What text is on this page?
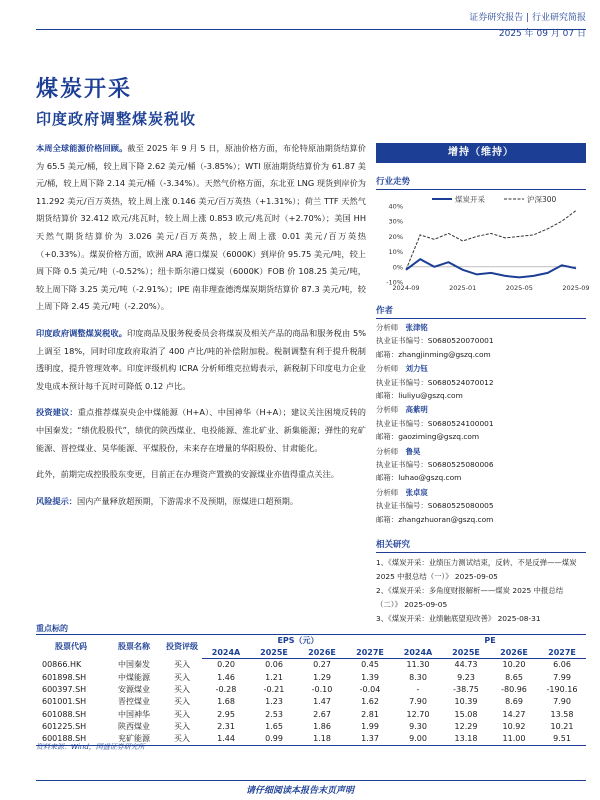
证券研究报告 | 行业研究简报
2025 年 09 月 07 日
煤炭开采
印度政府调整煤炭税收

本周全球能源价格回顾。截至 2025 年 9 月 5 日，原油价格方面，布伦特原油期货结算价为 65.5 美元/桶，较上周下降 2.62 美元/桶（-3.85%）；WTI 原油期货结算价为 61.87 美元/桶，较上周下降 2.14 美元/桶（-3.34%）。天然气价格方面，东北亚 LNG 现货到岸价为 11.292 美元/百万英热，较上周上涨 0.146 美元/百万英热（+1.31%）；荷兰 TTF 天然气期货结算价 32.412 欧元/兆瓦时，较上周上涨 0.853 欧元/兆瓦时（+2.70%）；美国 HH 天然气期货结算价为 3.026 美元/百万英热，较上周上涨 0.01 美元/百万英热（+0.33%）。煤炭价格方面，欧洲 ARA 港口煤炭（6000K）到岸价 95.75 美元/吨，较上周下降 0.5 美元/吨（-0.52%）；纽卡斯尔港口煤炭（6000K）FOB 价 108.25 美元/吨，较上周下降 3.25 美元/吨（-2.91%）；IPE 南非理查德湾煤炭期货结算价 87.3 美元/吨，较上周下降 2.45 美元/吨（-2.20%）。

印度政府调整煤炭税收。印度商品及服务税委员会将煤炭及相关产品的商品和服务税由 5%上调至 18%，同时印度政府取消了 400 卢比/吨的补偿附加税。税制调整有利于提升税制透明度，提升管理效率。印度评级机构 ICRA 分析师维克拉姆表示，新税制下印度电力企业发电成本预计每千瓦时可降低 0.12 卢比。

投资建议：重点推荐煤炭央企中煤能源（H+A）、中国神华（H+A）；建议关注困境反转的中国秦发；“绩优股股代”，绩优的陕西煤业、电投能源、淮北矿业、新集能源；弹性的兖矿能源、晋控煤业、昊华能源、平煤股份，未来存在增量的华阳股份、甘肃能化。

此外，前期完成控股股东变更，目前正在办理资产置换的安源煤业亦值得重点关注。

风险提示：国内产量释放超预期，下游需求不及预期，原煤进口超预期。

增持（维持）
行业走势
40%
30%
20%
10%
0%
-10%
2024-09	2025-01	2025-05	2025-09
煤炭开采	沪深300
作者
分析师　 张津铭
执业证书编号：S0680520070001
邮箱：zhangjinming@gszq.com
分析师　 刘力钰
执业证书编号：S0680524070012
邮箱：liuliyu@gszq.com
分析师　 高紫明
执业证书编号：S0680524100001
邮箱：gaoziming@gszq.com
分析师　 鲁昊
执业证书编号：S0680525080006
邮箱：luhao@gszq.com
分析师　 张卓宸
执业证书编号：S0680525080005
邮箱：zhangzhuoran@gszq.com
相关研究
1、《煤炭开采：业绩压力测试结束，反转、不是反弹——煤炭 2025 中报总结（一）》 2025-09-05
2、《煤炭开采：多角度财报解析——煤炭 2025 中报总结（二）》 2025-09-05
3、《煤炭开采：业绩触底望迎改善》 2025-08-31
重点标的
股票代码	股票名称	投资评级	EPS（元）				PE			
			2024A	2025E	2026E	2027E	2024A	2025E	2026E	2027E
00866.HK	中国秦发	买入	0.20	0.06	0.27	0.45	11.30	44.73	10.20	6.06
601898.SH	中煤能源	买入	1.46	1.21	1.29	1.39	8.30	9.23	8.65	7.99
600397.SH	安源煤业	买入	-0.28	-0.21	-0.10	-0.04	-	-38.75	-80.96	-190.16
601001.SH	晋控煤业	买入	1.68	1.23	1.47	1.62	7.90	10.39	8.69	7.90
601088.SH	中国神华	买入	2.95	2.53	2.67	2.81	12.70	15.08	14.27	13.58
601225.SH	陕西煤业	买入	2.31	1.65	1.86	1.99	9.30	12.29	10.92	10.21
600188.SH	兖矿能源	买入	1.44	0.99	1.18	1.37	9.00	13.18	11.00	9.51
资料来源：Wind，国盛证券研究所
请仔细阅读本报告末页声明
